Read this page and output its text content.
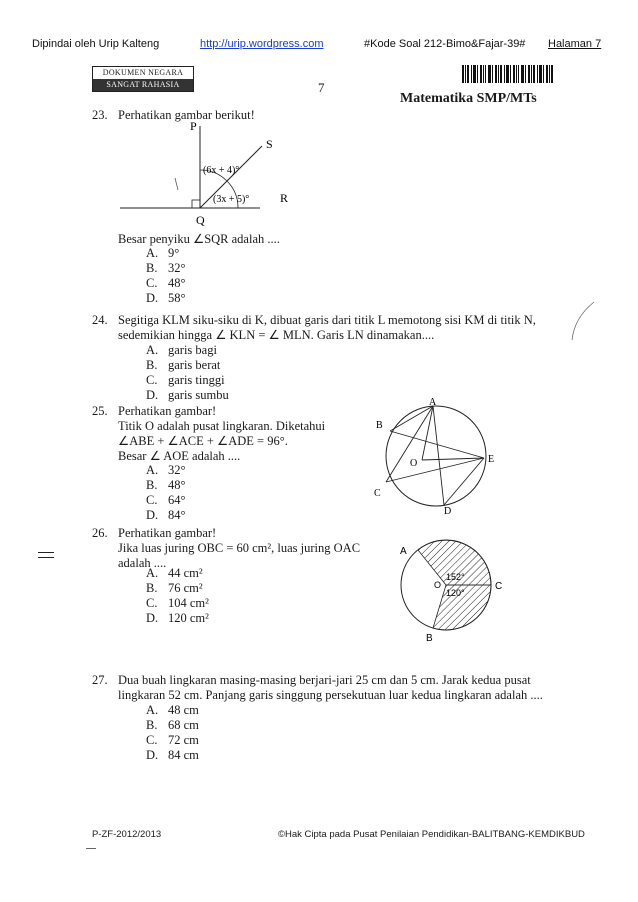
Dipindai oleh Urip Kalteng	http://urip.wordpress.com	#Kode Soal 212-Bimo&Fajar-39# Halaman 7
DOKUMEN NEGARA
SANGAT RAHASIA	7
Matematika SMP/MTs
23. Perhatikan gambar berikut!
P
S
Q
R
(6x + 4)°
(3x + 5)°
Besar penyiku ∠SQR adalah ....
A. 9°
B. 32°
C. 48°
D. 58°
24. Segitiga KLM siku-siku di K, dibuat garis dari titik L memotong sisi KM di titik N,
sedemikian hingga ∠ KLN = ∠ MLN. Garis LN dinamakan....
A. garis bagi
B. garis berat
C. garis tinggi
D. garis sumbu
25. Perhatikan gambar!
Titik O adalah pusat lingkaran. Diketahui
∠ABE + ∠ACE + ∠ADE = 96°.
Besar ∠ AOE adalah ....
A. 32°
B. 48°
C. 64°
D. 84°
A
B
C
D
E
O
26. Perhatikan gambar!
Jika luas juring OBC = 60 cm², luas juring OAC
adalah ....
A. 44 cm²
B. 76 cm²
C. 104 cm²
D. 120 cm²
A
C
B
O
152°
120°
27. Dua buah lingkaran masing-masing berjari-jari 25 cm dan 5 cm. Jarak kedua pusat
lingkaran 52 cm. Panjang garis singgung persekutuan luar kedua lingkaran adalah ....
A. 48 cm
B. 68 cm
C. 72 cm
D. 84 cm
P-ZF-2012/2013	©Hak Cipta pada Pusat Penilaian Pendidikan-BALITBANG-KEMDIKBUD
